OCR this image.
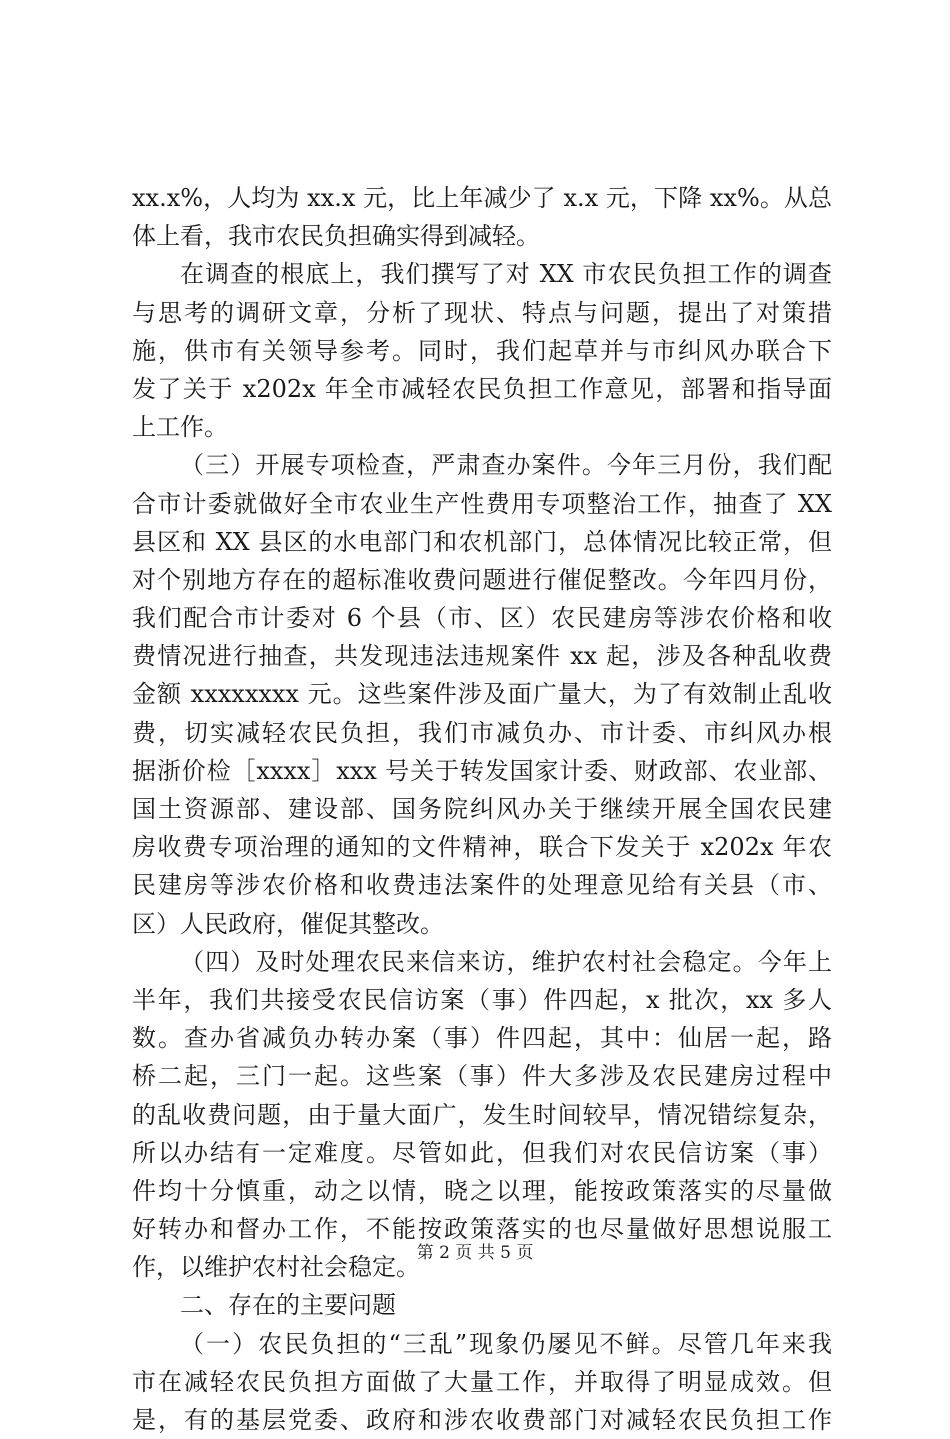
xx.x%，人均为 xx.x 元，比上年减少了 x.x 元，下降 xx%。从总
体上看，我市农民负担确实得到减轻。
在调查的根底上，我们撰写了对 XX 市农民负担工作的调查
与思考的调研文章，分析了现状、特点与问题，提出了对策措
施，供市有关领导参考。同时，我们起草并与市纠风办联合下
发了关于 x202x 年全市减轻农民负担工作意见，部署和指导面
上工作。
（三）开展专项检查，严肃查办案件。今年三月份，我们配
合市计委就做好全市农业生产性费用专项整治工作，抽查了 XX
县区和 XX 县区的水电部门和农机部门，总体情况比较正常，但
对个别地方存在的超标准收费问题进行催促整改。今年四月份，
我们配合市计委对 6 个县（市、区）农民建房等涉农价格和收
费情况进行抽查，共发现违法违规案件 xx 起，涉及各种乱收费
金额 xxxxxxxx 元。这些案件涉及面广量大，为了有效制止乱收
费，切实减轻农民负担，我们市减负办、市计委、市纠风办根
据浙价检［xxxx］xxx 号关于转发国家计委、财政部、农业部、
国土资源部、建设部、国务院纠风办关于继续开展全国农民建
房收费专项治理的通知的文件精神，联合下发关于 x202x 年农
民建房等涉农价格和收费违法案件的处理意见给有关县（市、
区）人民政府，催促其整改。
（四）及时处理农民来信来访，维护农村社会稳定。今年上
半年，我们共接受农民信访案（事）件四起，x 批次，xx 多人
数。查办省减负办转办案（事）件四起，其中：仙居一起，路
桥二起，三门一起。这些案（事）件大多涉及农民建房过程中
的乱收费问题，由于量大面广，发生时间较早，情况错综复杂，
所以办结有一定难度。尽管如此，但我们对农民信访案（事）
件均十分慎重，动之以情，晓之以理，能按政策落实的尽量做
好转办和督办工作，不能按政策落实的也尽量做好思想说服工
作，以维护农村社会稳定。
二、存在的主要问题
（一）农民负担的“三乱”现象仍屡见不鲜。尽管几年来我
市在减轻农民负担方面做了大量工作，并取得了明显成效。但
是，有的基层党委、政府和涉农收费部门对减轻农民负担工作
第 2 页 共 5 页
